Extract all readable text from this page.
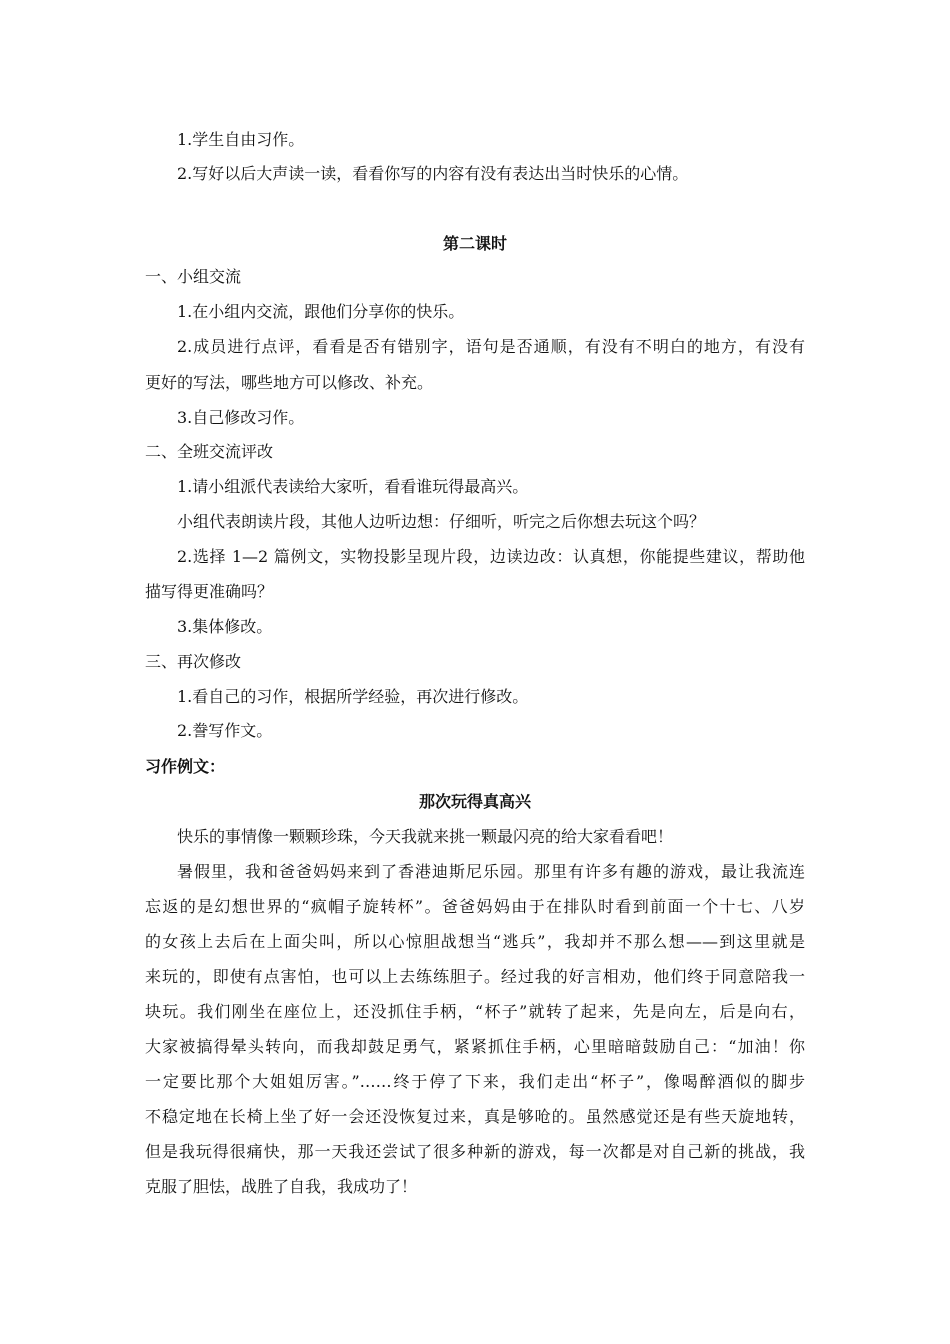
1.学生自由习作。
2.写好以后大声读一读，看看你写的内容有没有表达出当时快乐的心情。
第二课时
一、小组交流
1.在小组内交流，跟他们分享你的快乐。
2.成员进行点评，看看是否有错别字，语句是否通顺，有没有不明白的地方，有没有
更好的写法，哪些地方可以修改、补充。
3.自己修改习作。
二、全班交流评改
1.请小组派代表读给大家听，看看谁玩得最高兴。
小组代表朗读片段，其他人边听边想：仔细听，听完之后你想去玩这个吗？
2.选择 1—2 篇例文，实物投影呈现片段，边读边改：认真想，你能提些建议，帮助他
描写得更准确吗？
3.集体修改。
三、再次修改
1.看自己的习作，根据所学经验，再次进行修改。
2.誊写作文。
习作例文：
那次玩得真高兴
快乐的事情像一颗颗珍珠，今天我就来挑一颗最闪亮的给大家看看吧！
暑假里，我和爸爸妈妈来到了香港迪斯尼乐园。那里有许多有趣的游戏，最让我流连
忘返的是幻想世界的“疯帽子旋转杯”。爸爸妈妈由于在排队时看到前面一个十七、八岁
的女孩上去后在上面尖叫，所以心惊胆战想当“逃兵”，我却并不那么想——到这里就是
来玩的，即使有点害怕，也可以上去练练胆子。经过我的好言相劝，他们终于同意陪我一
块玩。我们刚坐在座位上，还没抓住手柄，“杯子”就转了起来，先是向左，后是向右，
大家被搞得晕头转向，而我却鼓足勇气，紧紧抓住手柄，心里暗暗鼓励自己：“加油！你
一定要比那个大姐姐厉害。”……终于停了下来，我们走出“杯子”，像喝醉酒似的脚步
不稳定地在长椅上坐了好一会还没恢复过来，真是够呛的。虽然感觉还是有些天旋地转，
但是我玩得很痛快，那一天我还尝试了很多种新的游戏，每一次都是对自己新的挑战，我
克服了胆怯，战胜了自我，我成功了！
